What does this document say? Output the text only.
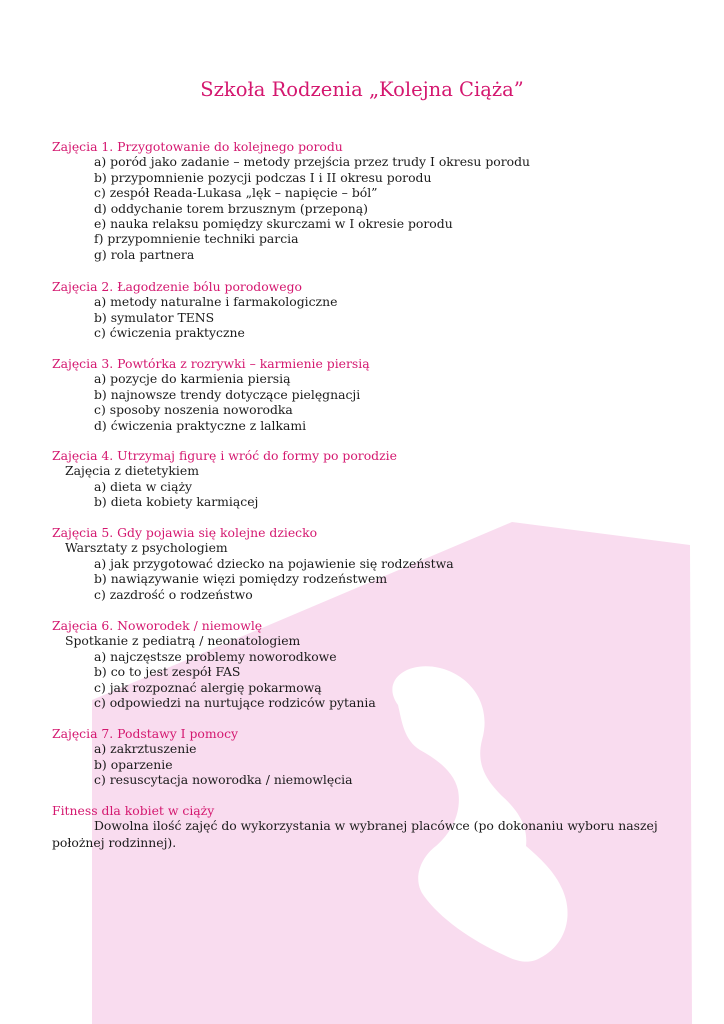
Szkoła Rodzenia „Kolejna Ciąża”
Zajęcia 1. Przygotowanie do kolejnego porodu
a) poród jako zadanie – metody przejścia przez trudy I okresu porodu
b) przypomnienie pozycji podczas I i II okresu porodu
c) zespół Reada-Lukasa „lęk – napięcie – ból”
d) oddychanie torem brzusznym (przeponą)
e) nauka relaksu pomiędzy skurczami w I okresie porodu
f) przypomnienie techniki parcia
g) rola partnera
Zajęcia 2. Łagodzenie bólu porodowego
a) metody naturalne i farmakologiczne
b) symulator TENS
c) ćwiczenia praktyczne
Zajęcia 3. Powtórka z rozrywki – karmienie piersią
a) pozycje do karmienia piersią
b) najnowsze trendy dotyczące pielęgnacji
c) sposoby noszenia noworodka
d) ćwiczenia praktyczne z lalkami
Zajęcia 4. Utrzymaj figurę i wróć do formy po porodzie
Zajęcia z dietetykiem
a) dieta w ciąży
b) dieta kobiety karmiącej
Zajęcia 5. Gdy pojawia się kolejne dziecko
Warsztaty z psychologiem
a) jak przygotować dziecko na pojawienie się rodzeństwa
b) nawiązywanie więzi pomiędzy rodzeństwem
c) zazdrość o rodzeństwo
Zajęcia 6. Noworodek / niemowlę
Spotkanie z pediatrą / neonatologiem
a) najczęstsze problemy noworodkowe
b) co to jest zespół FAS
c) jak rozpoznać alergię pokarmową
c) odpowiedzi na nurtujące rodziców pytania
Zajęcia 7. Podstawy I pomocy
a) zakrztuszenie
b) oparzenie
c) resuscytacja noworodka / niemowlęcia
Fitness dla kobiet w ciąży
Dowolna ilość zajęć do wykorzystania w wybranej placówce (po dokonaniu wyboru naszej położnej rodzinnej).
